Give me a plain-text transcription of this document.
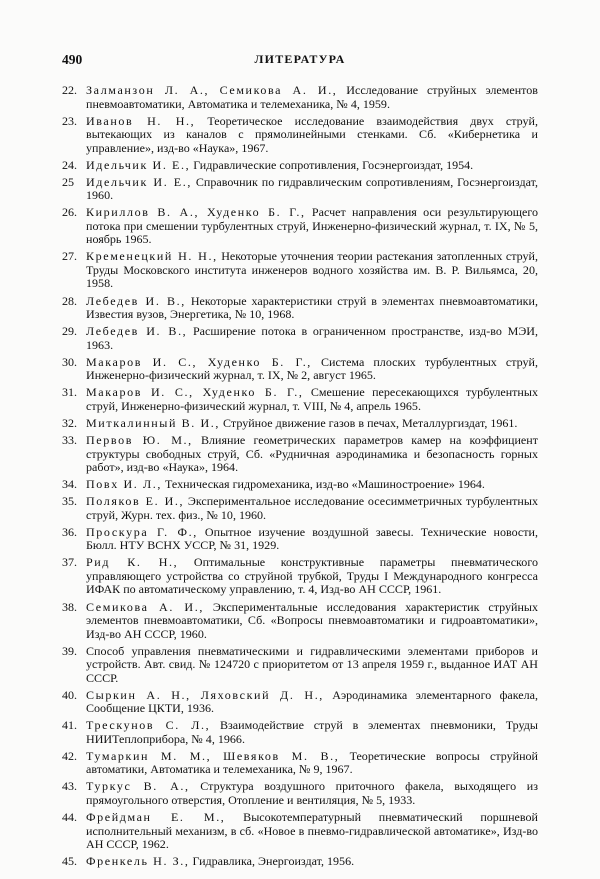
490	ЛИТЕРАТУРА
22. Залманзон Л. А., Семикова А. И., Исследование струйных элементов пневмоавтоматики, Автоматика и телемеханика, № 4, 1959.
23. Иванов Н. Н., Теоретическое исследование взаимодействия двух струй, вытекающих из каналов с прямолинейными стенками. Сб. «Кибернетика и управление», изд-во «Наука», 1967.
24. Идельчик И. Е., Гидравлические сопротивления, Госэнергоиздат, 1954.
25 Идельчик И. Е., Справочник по гидравлическим сопротивлениям, Госэнергоиздат, 1960.
26. Кириллов В. А., Худенко Б. Г., Расчет направления оси результирующего потока при смешении турбулентных струй, Инженерно-физический журнал, т. IX, № 5, ноябрь 1965.
27. Кременецкий Н. Н., Некоторые уточнения теории растекания затопленных струй, Труды Московского института инженеров водного хозяйства им. В. Р. Вильямса, 20, 1958.
28. Лебедев И. В., Некоторые характеристики струй в элементах пневмоавтоматики, Известия вузов, Энергетика, № 10, 1968.
29. Лебедев И. В., Расширение потока в ограниченном пространстве, изд-во МЭИ, 1963.
30. Макаров И. С., Худенко Б. Г., Система плоских турбулентных струй, Инженерно-физический журнал, т. IX, № 2, август 1965.
31. Макаров И. С., Худенко Б. Г., Смешение пересекающихся турбулентных струй, Инженерно-физический журнал, т. VIII, № 4, апрель 1965.
32. Миткалинный В. И., Струйное движение газов в печах, Металлургиздат, 1961.
33. Первов Ю. М., Влияние геометрических параметров камер на коэффициент структуры свободных струй, Сб. «Рудничная аэродинамика и безопасность горных работ», изд-во «Наука», 1964.
34. Повх И. Л., Техническая гидромеханика, изд-во «Машиностроение» 1964.
35. Поляков Е. И., Экспериментальное исследование осесимметричных турбулентных струй, Журн. тех. физ., № 10, 1960.
36. Проскура Г. Ф., Опытное изучение воздушной завесы. Технические новости, Бюлл. НТУ ВСНХ УССР, № 31, 1929.
37. Рид К. Н., Оптимальные конструктивные параметры пневматического управляющего устройства со струйной трубкой, Труды I Международного конгресса ИФАК по автоматическому управлению, т. 4, Изд-во АН СССР, 1961.
38. Семикова А. И., Экспериментальные исследования характеристик струйных элементов пневмоавтоматики, Сб. «Вопросы пневмоавтоматики и гидроавтоматики», Изд-во АН СССР, 1960.
39. Способ управления пневматическими и гидравлическими элементами приборов и устройств. Авт. свид. № 124720 с приоритетом от 13 апреля 1959 г., выданное ИАТ АН СССР.
40. Сыркин А. Н., Ляховский Д. Н., Аэродинамика элементарного факела, Сообщение ЦКТИ, 1936.
41. Трескунов С. Л., Взаимодействие струй в элементах пневмоники, Труды НИИТеплоприбора, № 4, 1966.
42. Тумаркин М. М., Шевяков М. В., Теоретические вопросы струйной автоматики, Автоматика и телемеханика, № 9, 1967.
43. Туркус В. А., Структура воздушного приточного факела, выходящего из прямоугольного отверстия, Отопление и вентиляция, № 5, 1933.
44. Фрейдман Е. М., Высокотемпературный пневматический поршневой исполнительный механизм, в сб. «Новое в пневмо-гидравлической автоматике», Изд-во АН СССР, 1962.
45. Френкель Н. З., Гидравлика, Энергоиздат, 1956.
